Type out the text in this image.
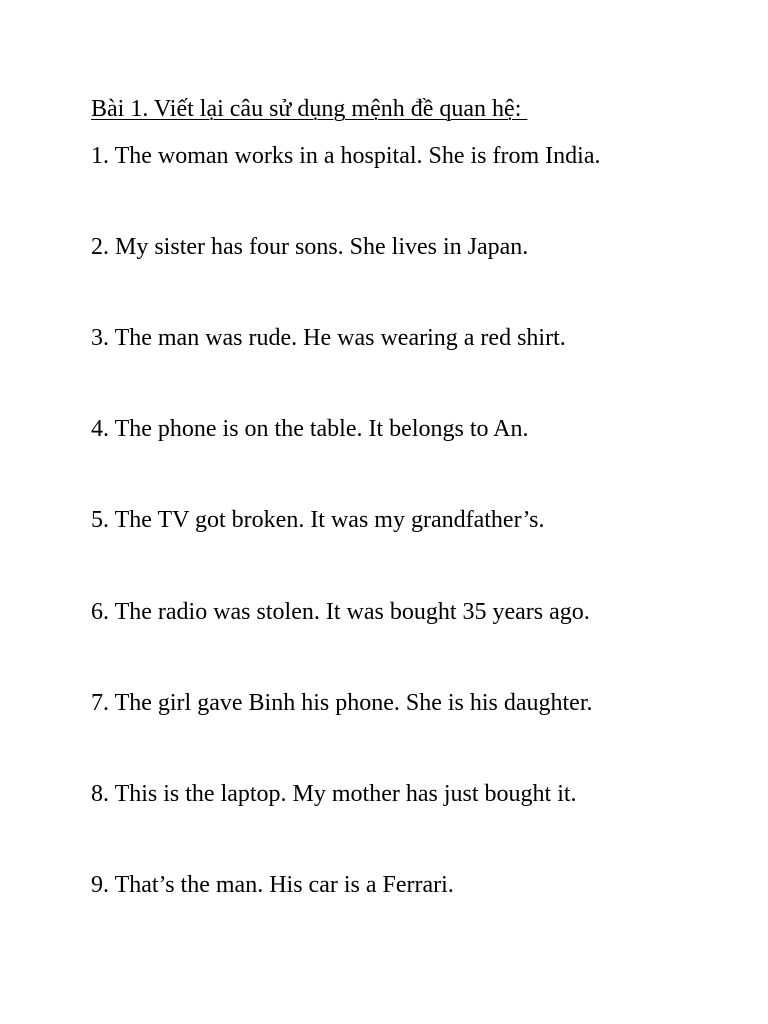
Bài 1. Viết lại câu sử dụng mệnh đề quan hệ:
1. The woman works in a hospital. She is from India.
2. My sister has four sons. She lives in Japan.
3. The man was rude. He was wearing a red shirt.
4. The phone is on the table. It belongs to An.
5. The TV got broken. It was my grandfather’s.
6. The radio was stolen. It was bought 35 years ago.
7. The girl gave Binh his phone. She is his daughter.
8. This is the laptop. My mother has just bought it.
9. That’s the man. His car is a Ferrari.
